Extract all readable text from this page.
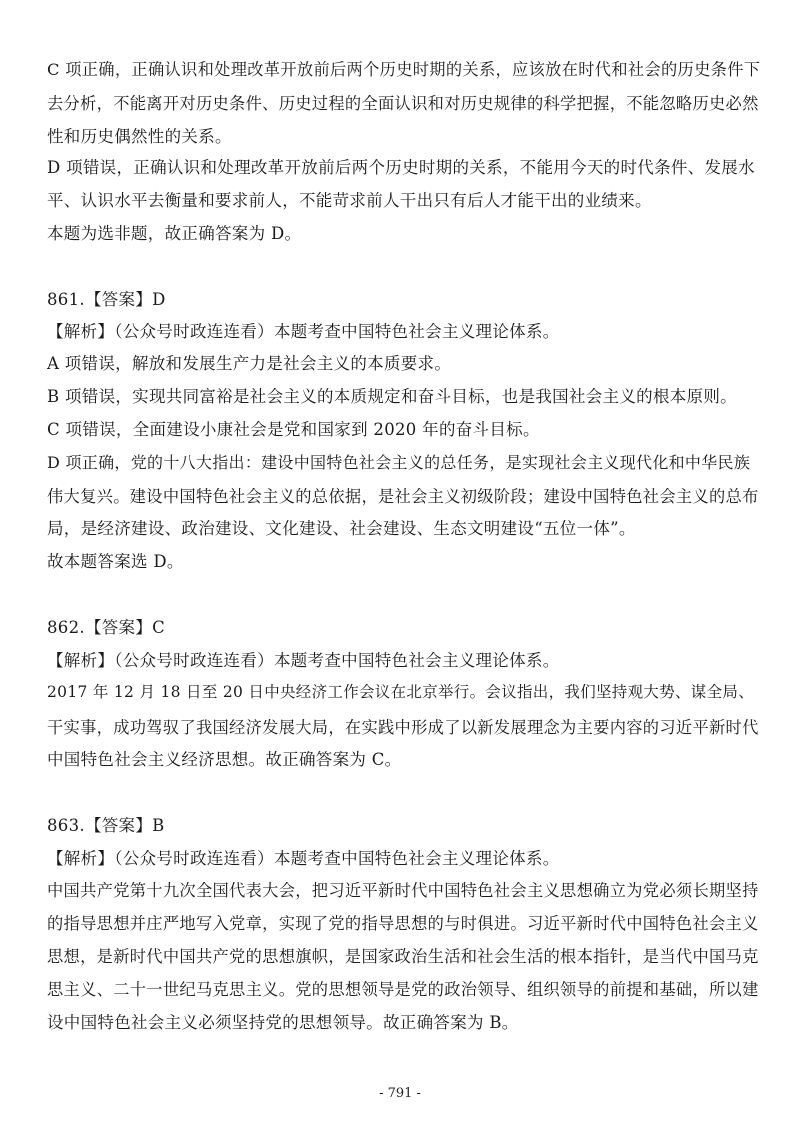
C 项正确，正确认识和处理改革开放前后两个历史时期的关系，应该放在时代和社会的历史条件下
去分析，不能离开对历史条件、历史过程的全面认识和对历史规律的科学把握，不能忽略历史必然
性和历史偶然性的关系。
D 项错误，正确认识和处理改革开放前后两个历史时期的关系，不能用今天的时代条件、发展水
平、认识水平去衡量和要求前人，不能苛求前人干出只有后人才能干出的业绩来。
本题为选非题，故正确答案为 D。
861.【答案】D
【解析】（公众号时政连连看）本题考查中国特色社会主义理论体系。
A 项错误，解放和发展生产力是社会主义的本质要求。
B 项错误，实现共同富裕是社会主义的本质规定和奋斗目标，也是我国社会主义的根本原则。
C 项错误，全面建设小康社会是党和国家到 2020 年的奋斗目标。
D 项正确，党的十八大指出：建设中国特色社会主义的总任务，是实现社会主义现代化和中华民族
伟大复兴。建设中国特色社会主义的总依据，是社会主义初级阶段；建设中国特色社会主义的总布
局，是经济建设、政治建设、文化建设、社会建设、生态文明建设“五位一体”。
故本题答案选 D。
862.【答案】C
【解析】（公众号时政连连看）本题考查中国特色社会主义理论体系。
2017 年 12 月 18 日至 20 日中央经济工作会议在北京举行。会议指出，我们坚持观大势、谋全局、
干实事，成功驾驭了我国经济发展大局，在实践中形成了以新发展理念为主要内容的习近平新时代
中国特色社会主义经济思想。故正确答案为 C。
863.【答案】B
【解析】（公众号时政连连看）本题考查中国特色社会主义理论体系。
中国共产党第十九次全国代表大会，把习近平新时代中国特色社会主义思想确立为党必须长期坚持
的指导思想并庄严地写入党章，实现了党的指导思想的与时俱进。习近平新时代中国特色社会主义
思想，是新时代中国共产党的思想旗帜，是国家政治生活和社会生活的根本指针，是当代中国马克
思主义、二十一世纪马克思主义。党的思想领导是党的政治领导、组织领导的前提和基础，所以建
设中国特色社会主义必须坚持党的思想领导。故正确答案为 B。
- 791 -
